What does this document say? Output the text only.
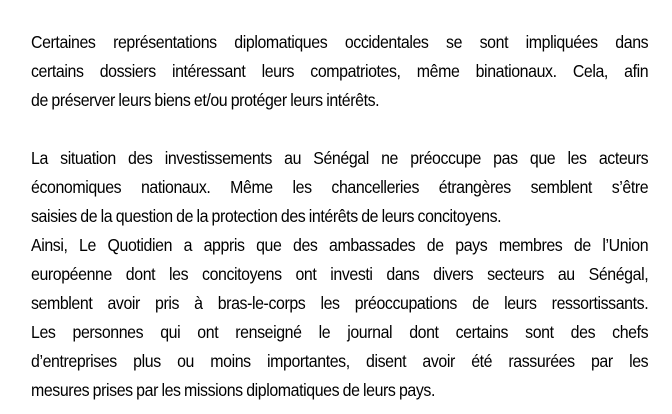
Certaines représentations diplomatiques occidentales se sont impliquées dans
certains dossiers intéressant leurs compatriotes, même binationaux. Cela, afin
de préserver leurs biens et/ou protéger leurs intérêts.

La situation des investissements au Sénégal ne préoccupe pas que les acteurs
économiques nationaux. Même les chancelleries étrangères semblent s’être
saisies de la question de la protection des intérêts de leurs concitoyens.

Ainsi, Le Quotidien a appris que des ambassades de pays membres de l’Union
européenne dont les concitoyens ont investi dans divers secteurs au Sénégal,
semblent avoir pris à bras-le-corps les préoccupations de leurs ressortissants.
Les personnes qui ont renseigné le journal dont certains sont des chefs
d’entreprises plus ou moins importantes, disent avoir été rassurées par les
mesures prises par les missions diplomatiques de leurs pays.
